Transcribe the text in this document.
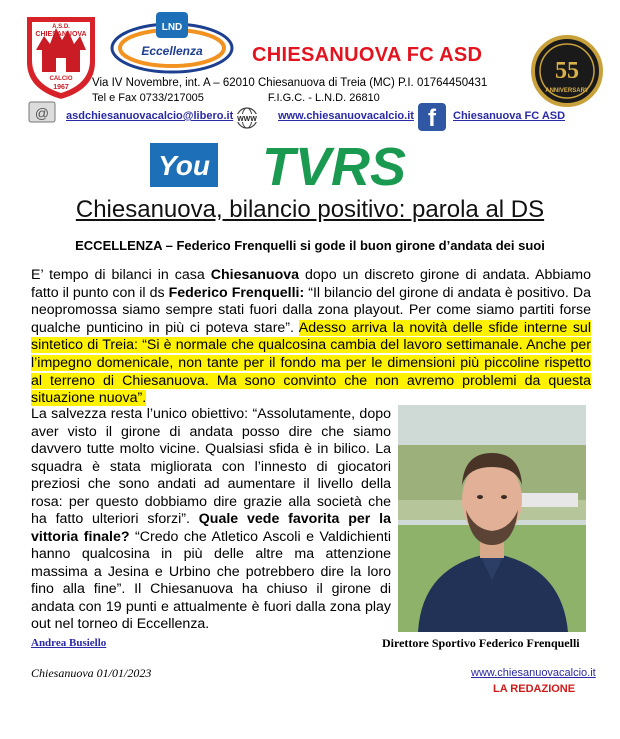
A.S.D.
CHIESANUOVA
CALCIO
1967
LND
Eccellenza CHIESANUOVA FC ASD
55
ANNIVERSARY
Via IV Novembre, int. A – 62010 Chiesanuova di Treia (MC) P.I. 01764450431
Tel e Fax 0733/217005	F.I.G.C. - L.N.D. 26810
@ asdchiesanuovacalcio@libero.it WWW www.chiesanuovacalcio.it f	Chiesanuova FC ASD
You TVRS
Chiesanuova, bilancio positivo: parola al DS
ECCELLENZA – Federico Frenquelli si gode il buon girone d’andata dei suoi
E’ tempo di bilanci in casa Chiesanuova dopo un discreto girone di andata. Abbiamo fatto il punto con il ds Federico Frenquelli: “Il bilancio del girone di andata è positivo. Da neopromossa siamo sempre stati fuori dalla zona playout. Per come siamo partiti forse qualche punticino in più ci poteva stare”. Adesso arriva la novità delle sfide interne sul sintetico di Treia: “Si è normale che qualcosina cambia del lavoro settimanale. Anche per l’impegno domenicale, non tante per il fondo ma per le dimensioni più piccoline rispetto al terreno di Chiesanuova. Ma sono convinto che non avremo problemi da questa situazione nuova”.
La salvezza resta l’unico obiettivo: “Assolutamente, dopo aver visto il girone di andata posso dire che siamo davvero tutte molto vicine. Qualsiasi sfida è in bilico. La squadra è stata migliorata con l’innesto di giocatori preziosi che sono andati ad aumentare il livello della rosa: per questo dobbiamo dire grazie alla società che ha fatto ulteriori sforzi”. Quale vede favorita per la vittoria finale? “Credo che Atletico Ascoli e Valdichienti hanno qualcosina in più delle altre ma attenzione massima a Jesina e Urbino che potrebbero dire la loro fino alla fine”. Il Chiesanuova ha chiuso il girone di andata con 19 punti e attualmente è fuori dalla zona play out nel torneo di Eccellenza.
Direttore Sportivo Federico Frenquelli
Andrea Busiello
Chiesanuova 01/01/2023	www.chiesanuovacalcio.it
LA REDAZIONE
